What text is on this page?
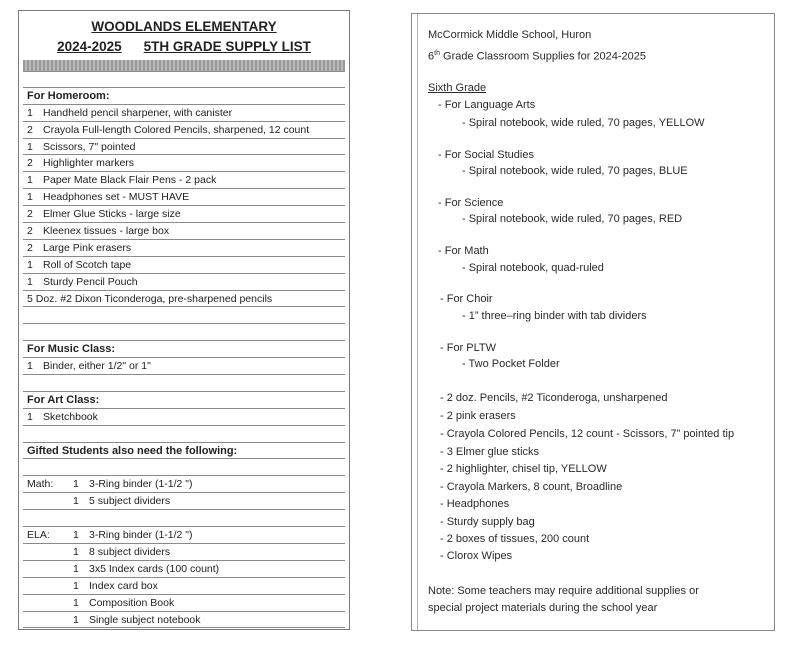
WOODLANDS ELEMENTARY
2024-2025 5TH GRADE SUPPLY LIST
For Homeroom:
1 Handheld pencil sharpener, with canister
2 Crayola Full-length Colored Pencils, sharpened, 12 count
1 Scissors, 7" pointed
2 Highlighter markers
1 Paper Mate Black Flair Pens - 2 pack
1 Headphones set - MUST HAVE
2 Elmer Glue Sticks - large size
2 Kleenex tissues - large box
2 Large Pink erasers
1 Roll of Scotch tape
1 Sturdy Pencil Pouch
5 Doz. #2 Dixon Ticonderoga, pre-sharpened pencils
For Music Class:
1 Binder, either 1/2" or 1"
For Art Class:
1 Sketchbook
Gifted Students also need the following:
Math: 1 3-Ring binder (1-1/2 ")
1 5 subject dividers
ELA: 1 3-Ring binder (1-1/2 ")
1 8 subject dividers
1 3x5 Index cards (100 count)
1 Index card box
1 Composition Book
1 Single subject notebook
McCormick Middle School, Huron
6th Grade Classroom Supplies for 2024-2025
Sixth Grade
- For Language Arts
- Spiral notebook, wide ruled, 70 pages, YELLOW
- For Social Studies
- Spiral notebook, wide ruled, 70 pages, BLUE
- For Science
- Spiral notebook, wide ruled, 70 pages, RED
- For Math
- Spiral notebook, quad-ruled
- For Choir
- 1” three–ring binder with tab dividers
- For PLTW
- Two Pocket Folder
- 2 doz. Pencils, #2 Ticonderoga, unsharpened
- 2 pink erasers
- Crayola Colored Pencils, 12 count - Scissors, 7” pointed tip
- 3 Elmer glue sticks
- 2 highlighter, chisel tip, YELLOW
- Crayola Markers, 8 count, Broadline
- Headphones
- Sturdy supply bag
- 2 boxes of tissues, 200 count
- Clorox Wipes
Note: Some teachers may require additional supplies or
special project materials during the school year
